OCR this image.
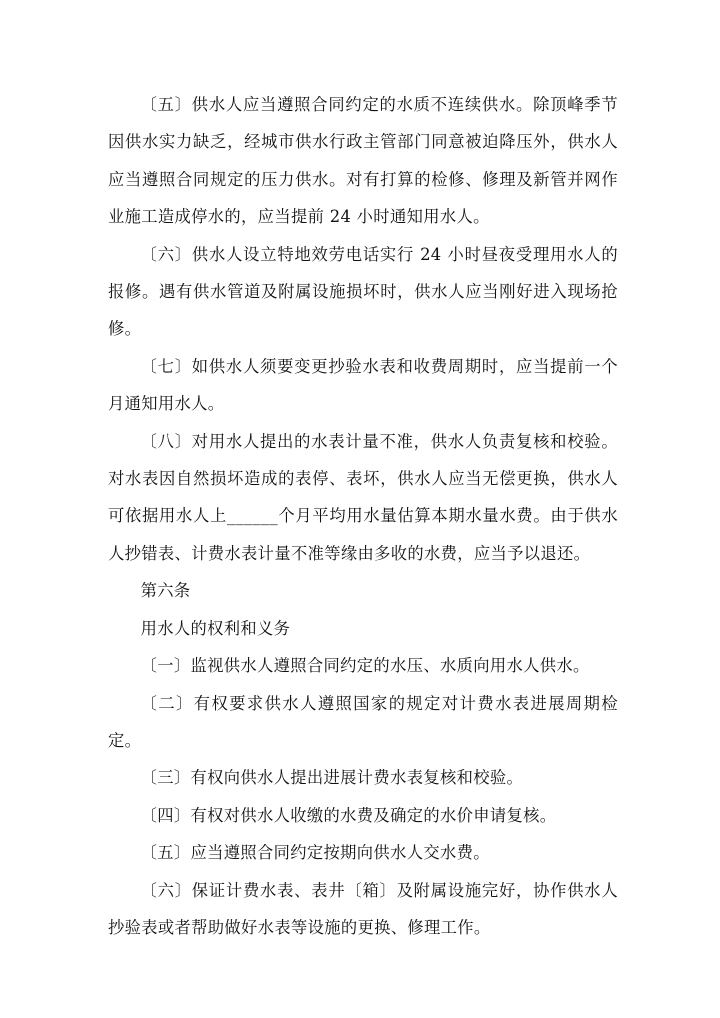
〔五〕供水人应当遵照合同约定的水质不连续供水。除顶峰季节因供水实力缺乏，经城市供水行政主管部门同意被迫降压外，供水人应当遵照合同规定的压力供水。对有打算的检修、修理及新管并网作业施工造成停水的，应当提前 24 小时通知用水人。

〔六〕供水人设立特地效劳电话实行 24 小时昼夜受理用水人的报修。遇有供水管道及附属设施损坏时，供水人应当刚好进入现场抢修。

〔七〕如供水人须要变更抄验水表和收费周期时，应当提前一个月通知用水人。

〔八〕对用水人提出的水表计量不准，供水人负责复核和校验。对水表因自然损坏造成的表停、表坏，供水人应当无偿更换，供水人可依据用水人上______个月平均用水量估算本期水量水费。由于供水人抄错表、计费水表计量不准等缘由多收的水费，应当予以退还。

第六条

用水人的权利和义务

〔一〕监视供水人遵照合同约定的水压、水质向用水人供水。

〔二〕有权要求供水人遵照国家的规定对计费水表进展周期检定。

〔三〕有权向供水人提出进展计费水表复核和校验。

〔四〕有权对供水人收缴的水费及确定的水价申请复核。

〔五〕应当遵照合同约定按期向供水人交水费。

〔六〕保证计费水表、表井〔箱〕及附属设施完好，协作供水人抄验表或者帮助做好水表等设施的更换、修理工作。
